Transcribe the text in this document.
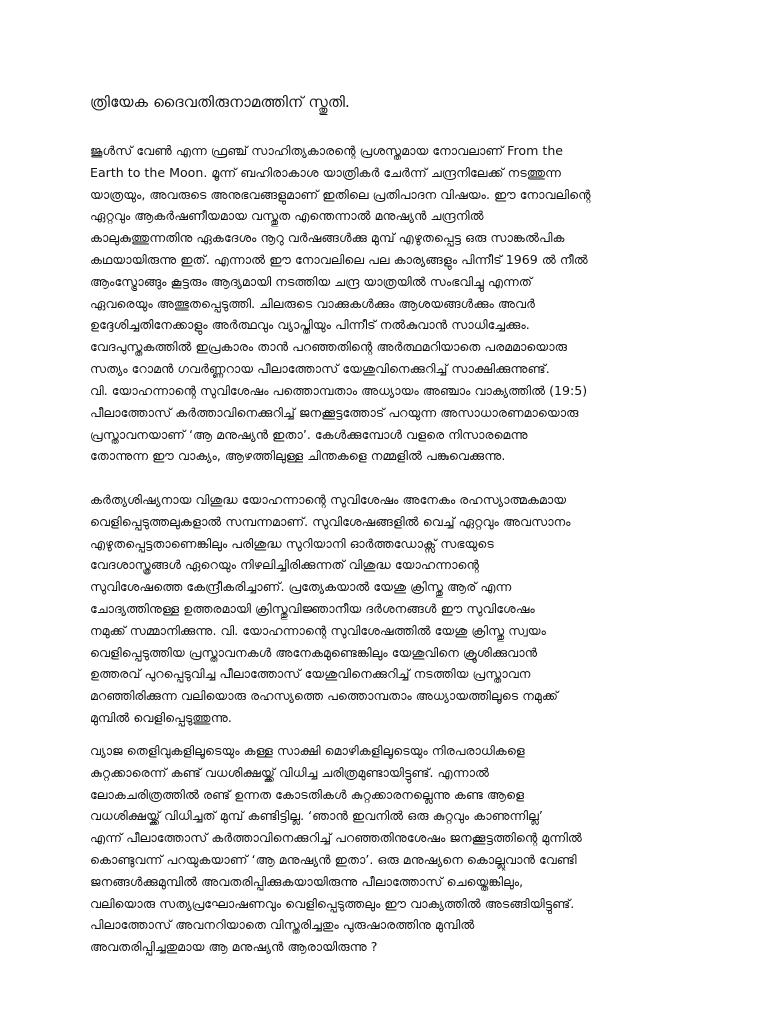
ത്രിയേക ദൈവതിരുനാമത്തിന് സ്തുതി.
ജൂൾസ് വേൺ എന്ന ഫ്രഞ്ച് സാഹിത്യകാരന്റെ പ്രശസ്തമായ നോവലാണ് From the
Earth to the Moon. മൂന്ന് ബഹിരാകാശ യാത്രികർ ചേർന്ന് ചന്ദ്രനിലേക്ക് നടത്തുന്ന
യാത്രയും, അവരുടെ അനുഭവങ്ങളുമാണ് ഇതിലെ പ്രതിപാദന വിഷയം. ഈ നോവലിന്റെ
ഏറ്റവും ആകർഷണീയമായ വസ്തുത എന്തെന്നാൽ മനുഷ്യൻ ചന്ദ്രനിൽ
കാലുകുത്തുന്നതിനു ഏകദേശം നൂറു വർഷങ്ങൾക്കു മുമ്പ് എഴുതപ്പെട്ട ഒരു സാങ്കൽപിക
കഥയായിരുന്നു ഇത്. എന്നാൽ ഈ നോവലിലെ പല കാര്യങ്ങളും പിന്നീട് 1969 ൽ നീൽ
ആംസ്ട്രോങ്ങും കൂട്ടരും ആദ്യമായി നടത്തിയ ചന്ദ്ര യാത്രയിൽ സംഭവിച്ചു എന്നത്
ഏവരെയും അത്ഭുതപ്പെടുത്തി. ചിലരുടെ വാക്കുകൾക്കും ആശയങ്ങൾക്കും അവർ
ഉദ്ദേശിച്ചതിനേക്കാളും അർത്ഥവും വ്യാപ്തിയും പിന്നീട് നൽകുവാൻ സാധിച്ചേക്കും.
വേദപുസ്തകത്തിൽ ഇപ്രകാരം താൻ പറഞ്ഞതിന്റെ അർത്ഥമറിയാതെ പരമമായൊരു
സത്യം റോമൻ ഗവർണ്ണറായ പീലാത്തോസ് യേശുവിനെക്കുറിച്ച് സാക്ഷിക്കുന്നുണ്ട്.
വി. യോഹന്നാന്റെ സുവിശേഷം പത്തൊമ്പതാം അധ്യായം അഞ്ചാം വാക്യത്തിൽ (19:5)
പീലാത്തോസ് കർത്താവിനെക്കുറിച്ച് ജനക്കൂട്ടത്തോട് പറയുന്ന അസാധാരണമായൊരു
പ്രസ്താവനയാണ് ‘ആ മനുഷ്യൻ ഇതാ’. കേൾക്കുമ്പോൾ വളരെ നിസാരമെന്നു
തോന്നുന്ന ഈ വാക്യം, ആഴത്തിലുള്ള ചിന്തകളെ നമ്മളിൽ പങ്കുവെക്കുന്നു.
കർത്യശിഷ്യനായ വിശുദ്ധ യോഹന്നാന്റെ സുവിശേഷം അനേകം രഹസ്യാത്മകമായ
വെളിപ്പെടുത്തലുകളാൽ സമ്പന്നമാണ്. സുവിശേഷങ്ങളിൽ വെച്ച് ഏറ്റവും അവസാനം
എഴുതപ്പെട്ടതാണെങ്കിലും പരിശുദ്ധ സുറിയാനി ഓർത്തഡോക്സ് സഭയുടെ
വേദശാസ്ത്രങ്ങൾ ഏറെയും നിഴലിച്ചിരിക്കുന്നത് വിശുദ്ധ യോഹന്നാന്റെ
സുവിശേഷത്തെ കേന്ദ്രീകരിച്ചാണ്. പ്രത്യേകയാൽ യേശു ക്രിസ്തു ആര് എന്ന
ചോദ്യത്തിനുള്ള ഉത്തരമായി ക്രിസ്തുവിജ്ഞാനീയ ദർശനങ്ങൾ ഈ സുവിശേഷം
നമുക്ക് സമ്മാനിക്കുന്നു. വി. യോഹന്നാന്റെ സുവിശേഷത്തിൽ യേശു ക്രിസ്തു സ്വയം
വെളിപ്പെടുത്തിയ പ്രസ്താവനകൾ അനേകമുണ്ടെങ്കിലും യേശുവിനെ ക്രൂശിക്കുവാൻ
ഉത്തരവ് പുറപ്പെടുവിച്ച പീലാത്തോസ് യേശുവിനെക്കുറിച്ച് നടത്തിയ പ്രസ്താവന
മറഞ്ഞിരിക്കുന്ന വലിയൊരു രഹസ്യത്തെ പത്തൊമ്പതാം അധ്യായത്തിലൂടെ നമുക്ക്
മുമ്പിൽ വെളിപ്പെടുത്തുന്നു.
വ്യാജ തെളിവുകളിലൂടെയും കള്ള സാക്ഷി മൊഴികളിലൂടെയും നിരപരാധികളെ
കുറ്റക്കാരെന്ന് കണ്ട് വധശിക്ഷയ്ക്ക് വിധിച്ച ചരിത്രമുണ്ടായിട്ടുണ്ട്. എന്നാൽ
ലോകചരിത്രത്തിൽ രണ്ട് ഉന്നത കോടതികൾ കുറ്റക്കാരനല്ലെന്നു കണ്ട ആളെ
വധശിക്ഷയ്ക്ക് വിധിച്ചത് മുമ്പ് കണ്ടിട്ടില്ല. ‘ഞാൻ ഇവനിൽ ഒരു കുറ്റവും കാണുന്നില്ല’
എന്ന് പീലാത്തോസ് കർത്താവിനെക്കുറിച്ച് പറഞ്ഞതിനുശേഷം ജനക്കൂട്ടത്തിന്റെ മുന്നിൽ
കൊണ്ടുവന്ന് പറയുകയാണ് ‘ആ മനുഷ്യൻ ഇതാ’. ഒരു മനുഷ്യനെ കൊല്ലുവാൻ വേണ്ടി
ജനങ്ങൾക്കുമുമ്പിൽ അവതരിപ്പിക്കുകയായിരുന്നു പീലാത്തോസ് ചെയ്തെങ്കിലും,
വലിയൊരു സത്യപ്രഘോഷണവും വെളിപ്പെടുത്തലും ഈ വാക്യത്തിൽ അടങ്ങിയിട്ടുണ്ട്.
പിലാത്തോസ് അവനറിയാതെ വിസ്തരിച്ചതും പുരുഷാരത്തിനു മുമ്പിൽ
അവതരിപ്പിച്ചതുമായ ആ മനുഷ്യൻ ആരായിരുന്നു ?
